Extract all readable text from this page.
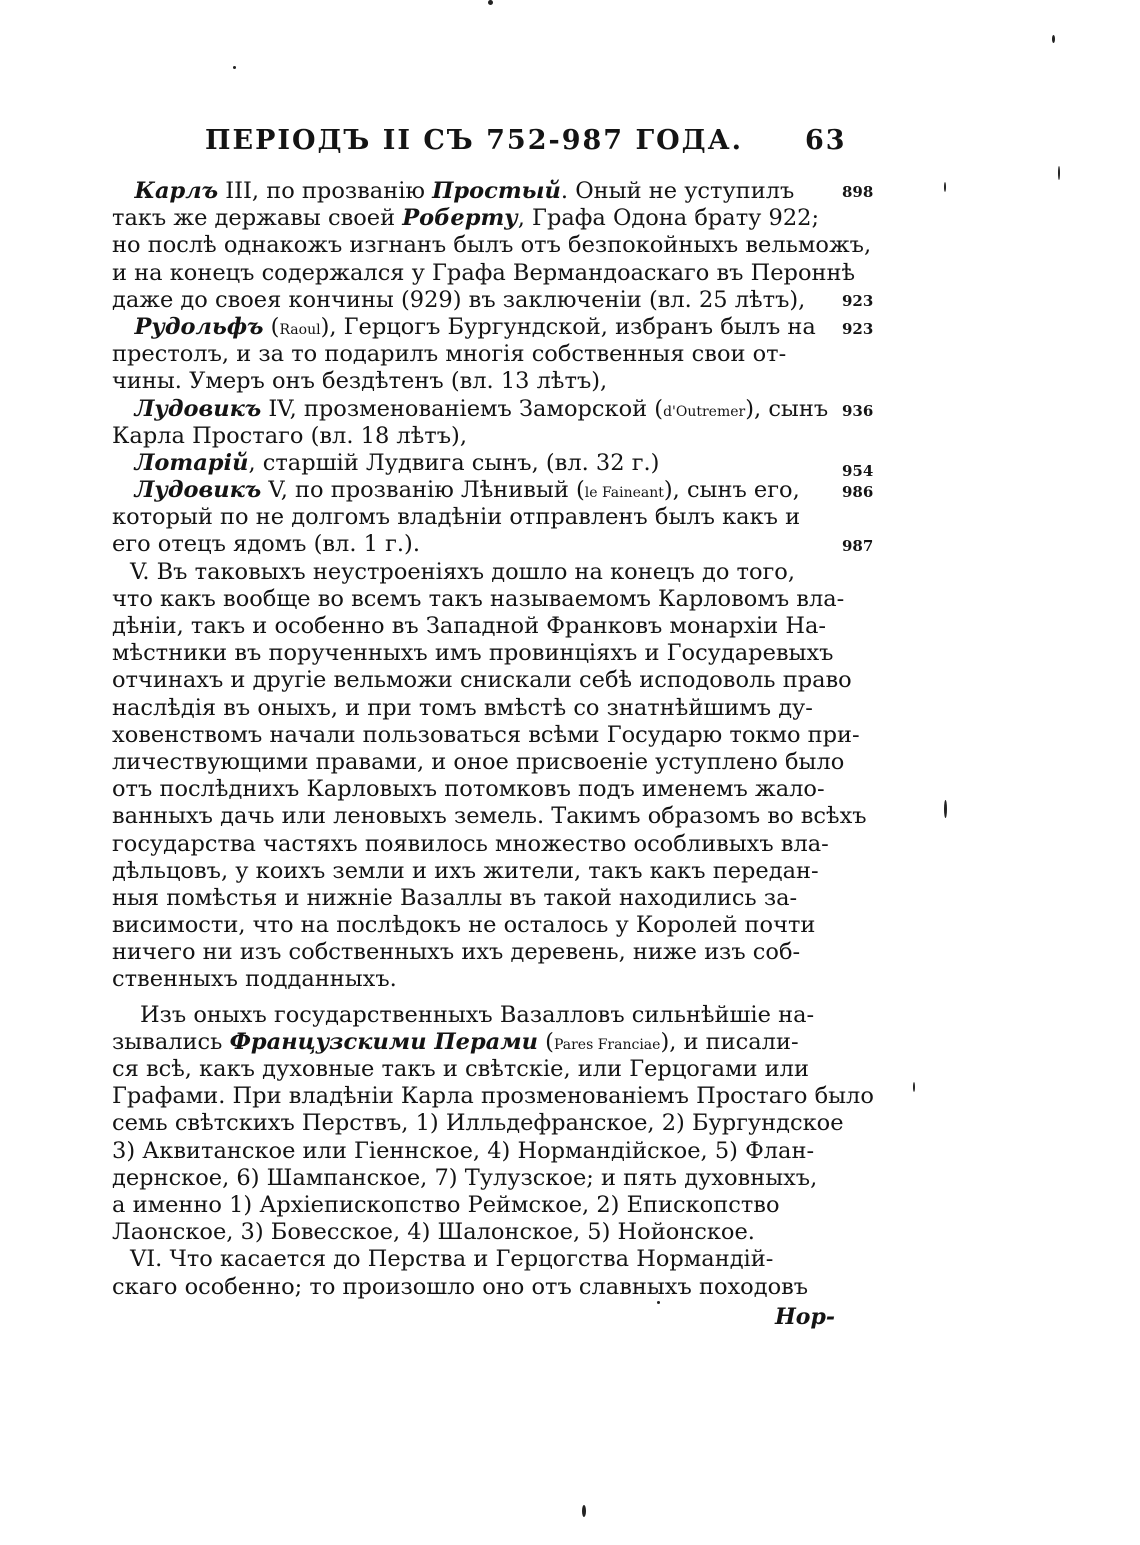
ПЕРІОДЪ II СЪ 752-987 ГОДА. 63
898
923
923
936
954
986
987
  Карлъ III, по прозванію Простый. Оный не уступилъ
такъ же державы своей Роберту, Графа Одона брату 922;
но послѣ однакожъ изгнанъ былъ отъ безпокойныхъ вельможъ,
и на конецъ содержался у Графа Вермандоаскаго въ Пероннѣ
даже до своея кончины (929) въ заключеніи (вл. 25 лѣтъ),
  Рудольфъ (Raoul), Герцогъ Бургундской, избранъ былъ на
престолъ, и за то подарилъ многія собственныя свои от-
чины. Умеръ онъ бездѣтенъ (вл. 13 лѣтъ),
  Лудовикъ IV, прозменованіемъ Заморской (d'Outremer), сынъ
Карла Простаго (вл. 18 лѣтъ),
  Лотарій, старшій Лудвига сынъ, (вл. 32 г.)
  Лудовикъ V, по прозванію Лѣнивый (le Faineant), сынъ его,
который по не долгомъ владѣніи отправленъ былъ какъ и
его отецъ ядомъ (вл. 1 г.).
V. Въ таковыхъ неустроеніяхъ дошло на конецъ до того,
что какъ вообще во всемъ такъ называемомъ Карловомъ вла-
дѣніи, такъ и особенно въ Западной Франковъ монархіи На-
мѣстники въ порученныхъ имъ провинціяхъ и Государевыхъ
отчинахъ и другіе вельможи снискали себѣ исподоволь право
наслѣдія въ оныхъ, и при томъ вмѣстѣ со знатнѣйшимъ ду-
ховенствомъ начали пользоваться всѣми Государю токмо при-
личествующими правами, и оное присвоеніе уступлено было
отъ послѣднихъ Карловыхъ потомковъ подъ именемъ жало-
ванныхъ дачь или леновыхъ земель. Такимъ образомъ во всѣхъ
государства частяхъ появилось множество особливыхъ вла-
дѣльцовъ, у коихъ земли и ихъ жители, такъ какъ передан-
ныя помѣстья и нижніе Вазаллы въ такой находились за-
висимости, что на послѣдокъ не осталось у Королей почти
ничего ни изъ собственныхъ ихъ деревень, ниже изъ соб-
ственныхъ подданныхъ.
Изъ оныхъ государственныхъ Вазалловъ сильнѣйшіе на-
зывались Французскими Перами (Pares Franciae), и писали-
ся всѣ, какъ духовные такъ и свѣтскіе, или Герцогами или
Графами. При владѣніи Карла прозменованіемъ Простаго было
семь свѣтскихъ Перствъ, 1) Илльдефранское, 2) Бургундское
3) Аквитанское или Гіеннское, 4) Нормандійское, 5) Флан-
дернское, 6) Шампанское, 7) Тулузское; и пять духовныхъ,
а именно 1) Архіепископство Реймское, 2) Епископство
Лаонское, 3) Бовесское, 4) Шалонское, 5) Нойонское.
VI. Что касается до Перства и Герцогства Нормандій-
скаго особенно; то произошло оно отъ славныхъ походовъ
Нор-
